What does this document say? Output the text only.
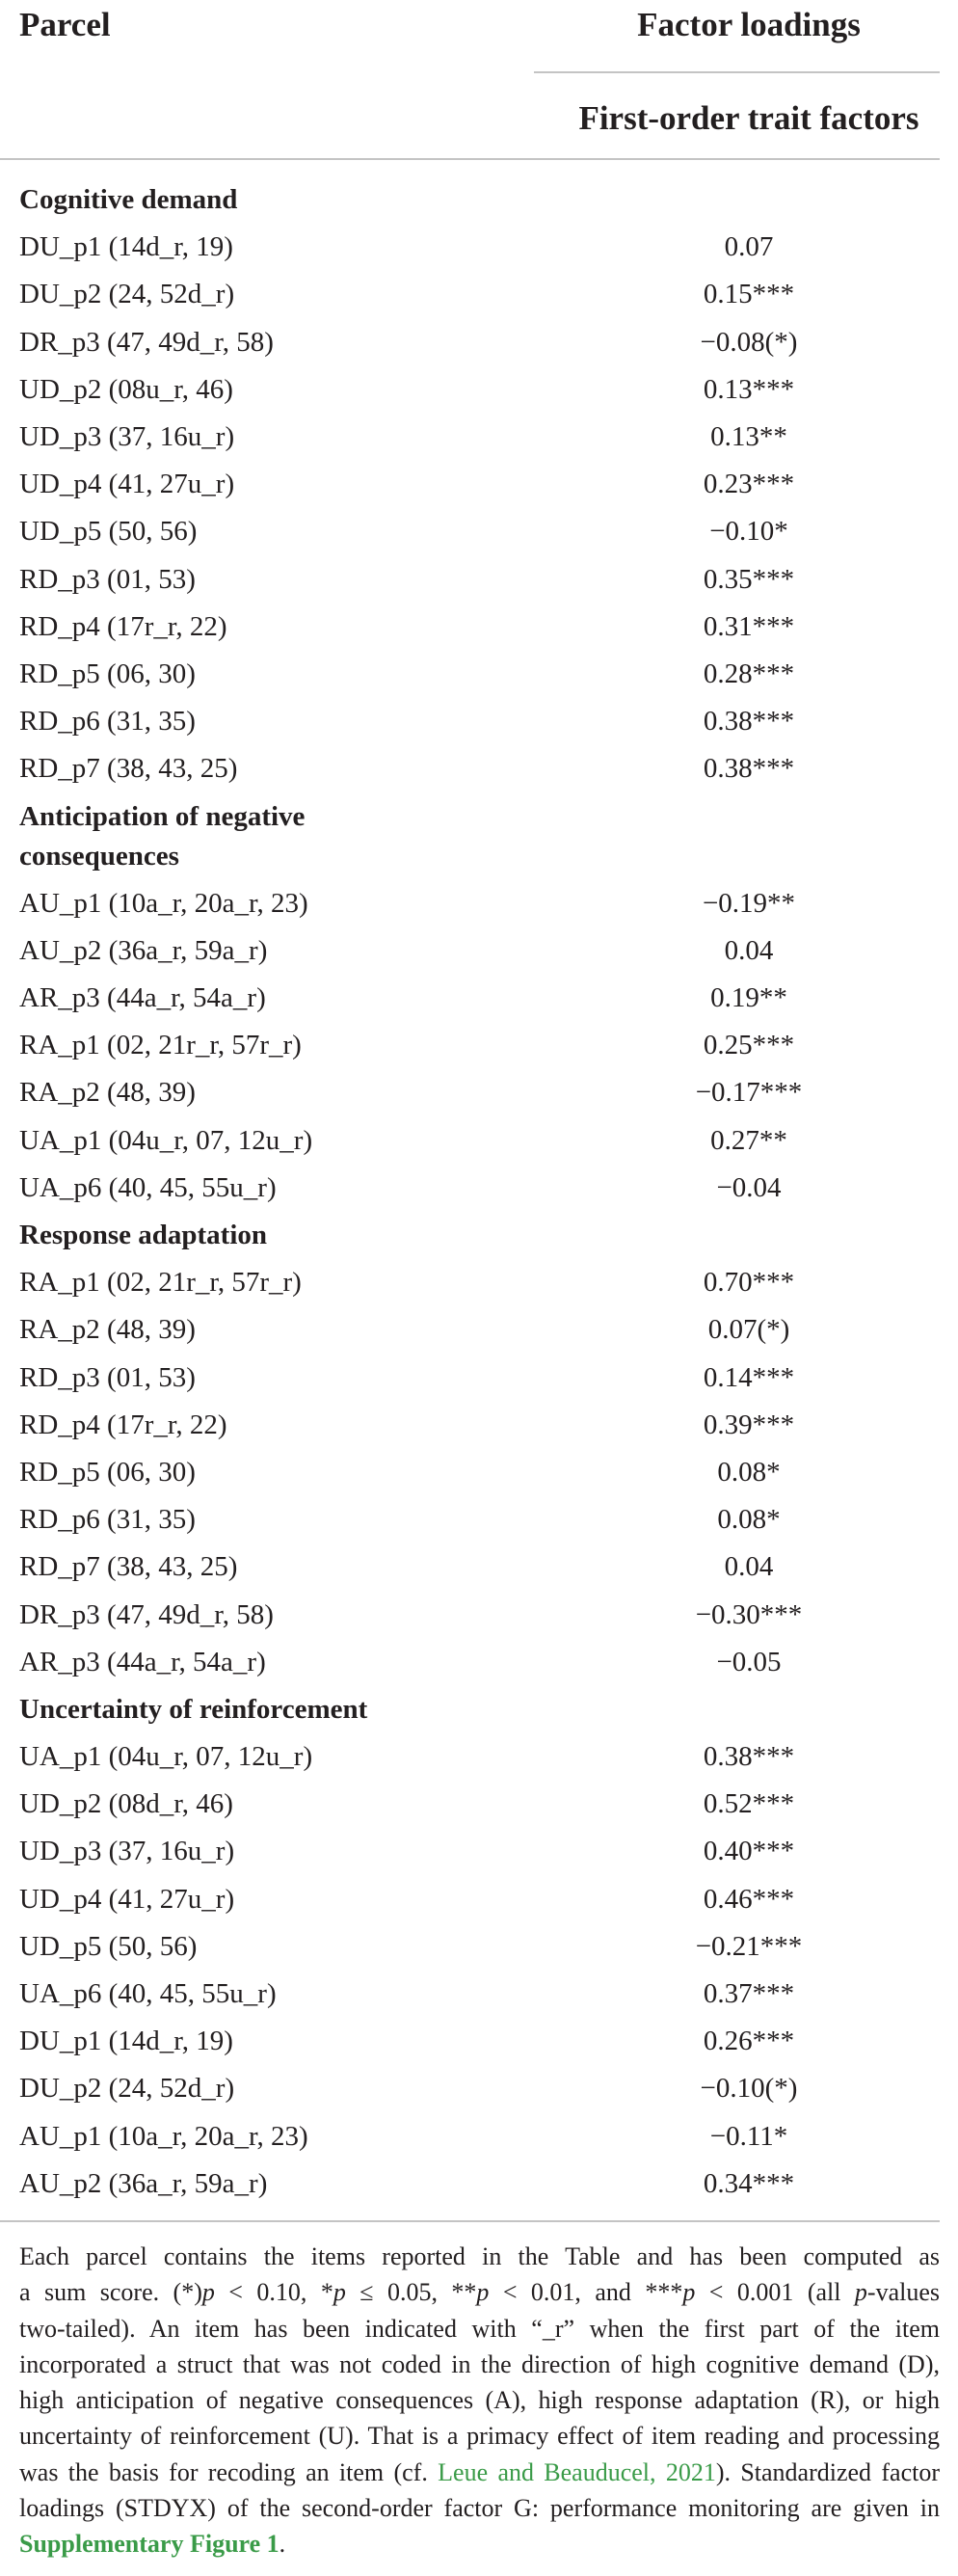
Parcel	Factor loadings
First-order trait factors
Cognitive demand
DU_p1 (14d_r, 19)	0.07
DU_p2 (24, 52d_r)	0.15***
DR_p3 (47, 49d_r, 58)	−0.08(*)
UD_p2 (08u_r, 46)	0.13***
UD_p3 (37, 16u_r)	0.13**
UD_p4 (41, 27u_r)	0.23***
UD_p5 (50, 56)	−0.10*
RD_p3 (01, 53)	0.35***
RD_p4 (17r_r, 22)	0.31***
RD_p5 (06, 30)	0.28***
RD_p6 (31, 35)	0.38***
RD_p7 (38, 43, 25)	0.38***
Anticipation of negative consequences
AU_p1 (10a_r, 20a_r, 23)	−0.19**
AU_p2 (36a_r, 59a_r)	0.04
AR_p3 (44a_r, 54a_r)	0.19**
RA_p1 (02, 21r_r, 57r_r)	0.25***
RA_p2 (48, 39)	−0.17***
UA_p1 (04u_r, 07, 12u_r)	0.27**
UA_p6 (40, 45, 55u_r)	−0.04
Response adaptation
RA_p1 (02, 21r_r, 57r_r)	0.70***
RA_p2 (48, 39)	0.07(*)
RD_p3 (01, 53)	0.14***
RD_p4 (17r_r, 22)	0.39***
RD_p5 (06, 30)	0.08*
RD_p6 (31, 35)	0.08*
RD_p7 (38, 43, 25)	0.04
DR_p3 (47, 49d_r, 58)	−0.30***
AR_p3 (44a_r, 54a_r)	−0.05
Uncertainty of reinforcement
UA_p1 (04u_r, 07, 12u_r)	0.38***
UD_p2 (08d_r, 46)	0.52***
UD_p3 (37, 16u_r)	0.40***
UD_p4 (41, 27u_r)	0.46***
UD_p5 (50, 56)	−0.21***
UA_p6 (40, 45, 55u_r)	0.37***
DU_p1 (14d_r, 19)	0.26***
DU_p2 (24, 52d_r)	−0.10(*)
AU_p1 (10a_r, 20a_r, 23)	−0.11*
AU_p2 (36a_r, 59a_r)	0.34***
Each parcel contains the items reported in the Table and has been computed as
a sum score. (*)p < 0.10, *p ≤ 0.05, **p < 0.01, and ***p < 0.001 (all p-values
two-tailed). An item has been indicated with “_r” when the first part of the item
incorporated a struct that was not coded in the direction of high cognitive demand (D),
high anticipation of negative consequences (A), high response adaptation (R), or high
uncertainty of reinforcement (U). That is a primacy effect of item reading and processing
was the basis for recoding an item (cf. Leue and Beauducel, 2021). Standardized factor
loadings (STDYX) of the second-order factor G: performance monitoring are given in
Supplementary Figure 1.
